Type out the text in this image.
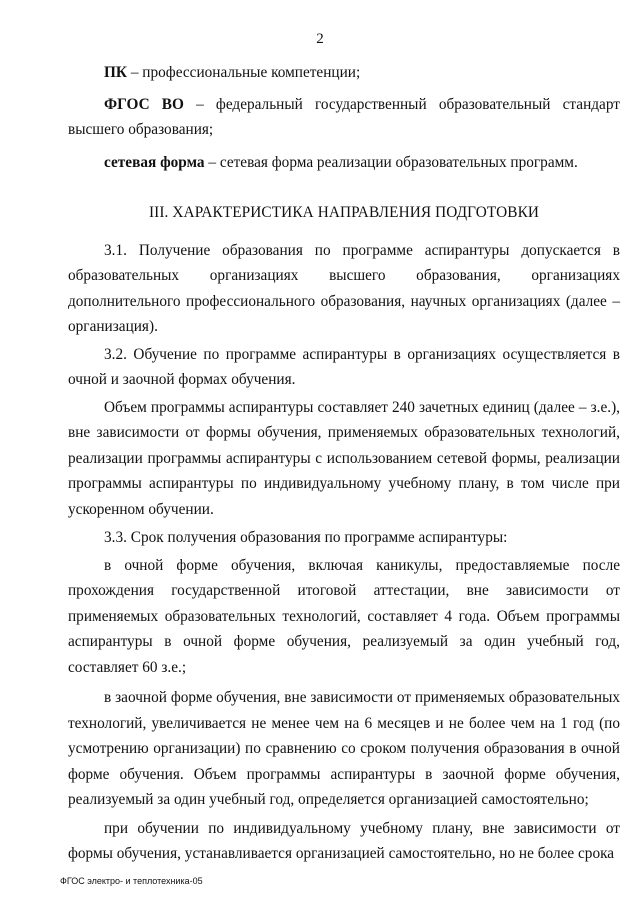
2

ПК – профессиональные компетенции;

ФГОС ВО – федеральный государственный образовательный стандарт высшего образования;

сетевая форма – сетевая форма реализации образовательных программ.

III. ХАРАКТЕРИСТИКА НАПРАВЛЕНИЯ ПОДГОТОВКИ

3.1. Получение образования по программе аспирантуры допускается в образовательных организациях высшего образования, организациях дополнительного профессионального образования, научных организациях (далее – организация).

3.2. Обучение по программе аспирантуры в организациях осуществляется в очной и заочной формах обучения.

Объем программы аспирантуры составляет 240 зачетных единиц (далее – з.е.), вне зависимости от формы обучения, применяемых образовательных технологий, реализации программы аспирантуры с использованием сетевой формы, реализации программы аспирантуры по индивидуальному учебному плану, в том числе при ускоренном обучении.

3.3. Срок получения образования по программе аспирантуры:

в очной форме обучения, включая каникулы, предоставляемые после прохождения государственной итоговой аттестации, вне зависимости от применяемых образовательных технологий, составляет 4 года. Объем программы аспирантуры в очной форме обучения, реализуемый за один учебный год, составляет 60 з.е.;

в заочной форме обучения, вне зависимости от применяемых образовательных технологий, увеличивается не менее чем на 6 месяцев и не более чем на 1 год (по усмотрению организации) по сравнению со сроком получения образования в очной форме обучения. Объем программы аспирантуры в заочной форме обучения, реализуемый за один учебный год, определяется организацией самостоятельно;

при обучении по индивидуальному учебному плану, вне зависимости от формы обучения, устанавливается организацией самостоятельно, но не более срока

ФГОС электро- и теплотехника-05
